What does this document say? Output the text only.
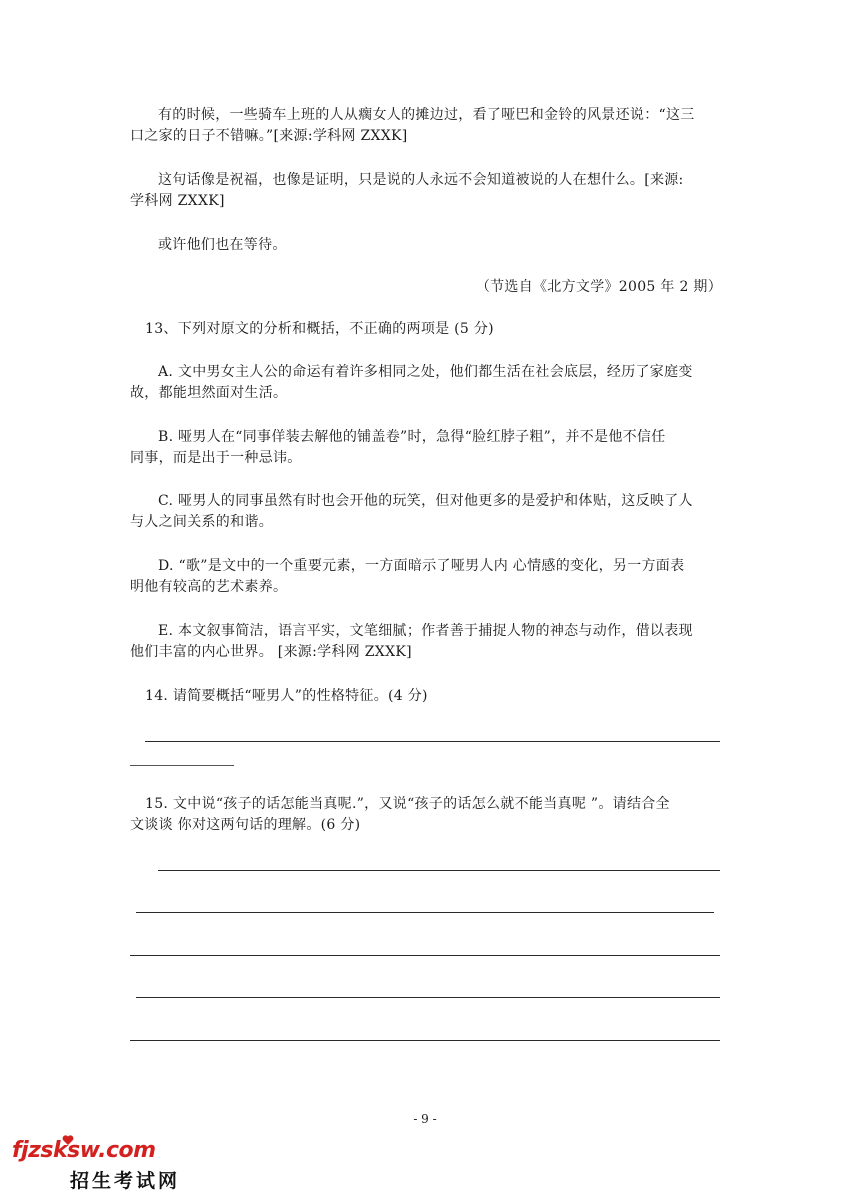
有的时候，一些骑车上班的人从瘸女人的摊边过，看了哑巴和金铃的风景还说：“这三
口之家的日子不错嘛。”[来源:学科网 ZXXK]
这句话像是祝福，也像是证明，只是说的人永远不会知道被说的人在想什么。[来源:
学科网 ZXXK]
或许他们也在等待。
（节选自《北方文学》2005 年 2 期）
13、下列对原文的分析和概括，不正确的两项是 (5 分)
A. 文中男女主人公的命运有着许多相同之处，他们都生活在社会底层，经历了家庭变
故，都能坦然面对生活。
B. 哑男人在“同事佯装去解他的铺盖卷”时，急得“脸红脖子粗”，并不是他不信任
同事，而是出于一种忌讳。
C. 哑男人的同事虽然有时也会开他的玩笑，但对他更多的是爱护和体贴，这反映了人
与人之间关系的和谐。
D. “歌”是文中的一个重要元素，一方面暗示了哑男人内 心情感的变化，另一方面表
明他有较高的艺术素养。
E. 本文叙事简洁，语言平实，文笔细腻；作者善于捕捉人物的神态与动作，借以表现
他们丰富的内心世界。 [来源:学科网 ZXXK]
14. 请简要概括“哑男人”的性格特征。(4 分)
15. 文中说“孩子的话怎能当真呢.”，又说“孩子的话怎么就不能当真呢 ”。请结合全
文谈谈 你对这两句话的理解。(6 分)
- 9 -
fjzsksw.com
招生考试网
